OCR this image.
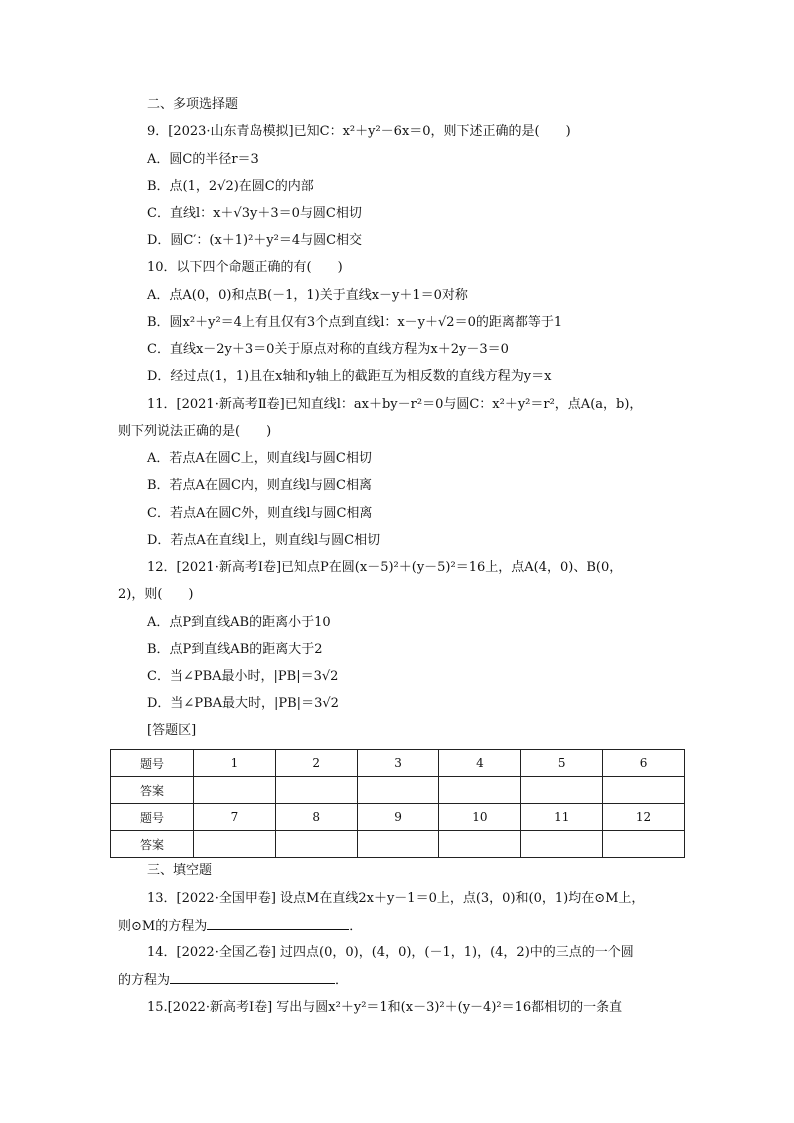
二、多项选择题
9．[2023·山东青岛模拟]已知C：x²＋y²－6x＝0，则下述正确的是(　　)
A．圆C的半径r＝3
B．点(1，2√2)在圆C的内部
C．直线l：x＋√3y＋3＝0与圆C相切
D．圆C′：(x＋1)²＋y²＝4与圆C相交
10．以下四个命题正确的有(　　)
A．点A(0，0)和点B(－1，1)关于直线x－y＋1＝0对称
B．圆x²＋y²＝4上有且仅有3个点到直线l：x－y＋√2＝0的距离都等于1
C．直线x－2y＋3＝0关于原点对称的直线方程为x＋2y－3＝0
D．经过点(1，1)且在x轴和y轴上的截距互为相反数的直线方程为y＝x
11．[2021·新高考Ⅱ卷]已知直线l：ax＋by－r²＝0与圆C：x²＋y²＝r²，点A(a，b)，
则下列说法正确的是(　　)
A．若点A在圆C上，则直线l与圆C相切
B．若点A在圆C内，则直线l与圆C相离
C．若点A在圆C外，则直线l与圆C相离
D．若点A在直线l上，则直线l与圆C相切
12．[2021·新高考Ⅰ卷]已知点P在圆(x－5)²＋(y－5)²＝16上，点A(4，0)、B(0，
2)，则(　　)
A．点P到直线AB的距离小于10
B．点P到直线AB的距离大于2
C．当∠PBA最小时，|PB|＝3√2
D．当∠PBA最大时，|PB|＝3√2
[答题区]
题号	1	2	3	4	5	6
答案						
题号	7	8	9	10	11	12
答案						
三、填空题
13．[2022·全国甲卷] 设点M在直线2x＋y－1＝0上，点(3，0)和(0，1)均在⊙M上，
则⊙M的方程为	．
14．[2022·全国乙卷] 过四点(0，0)，(4，0)，(－1，1)，(4，2)中的三点的一个圆
的方程为	．
15.[2022·新高考Ⅰ卷] 写出与圆x²＋y²＝1和(x－3)²＋(y－4)²＝16都相切的一条直
